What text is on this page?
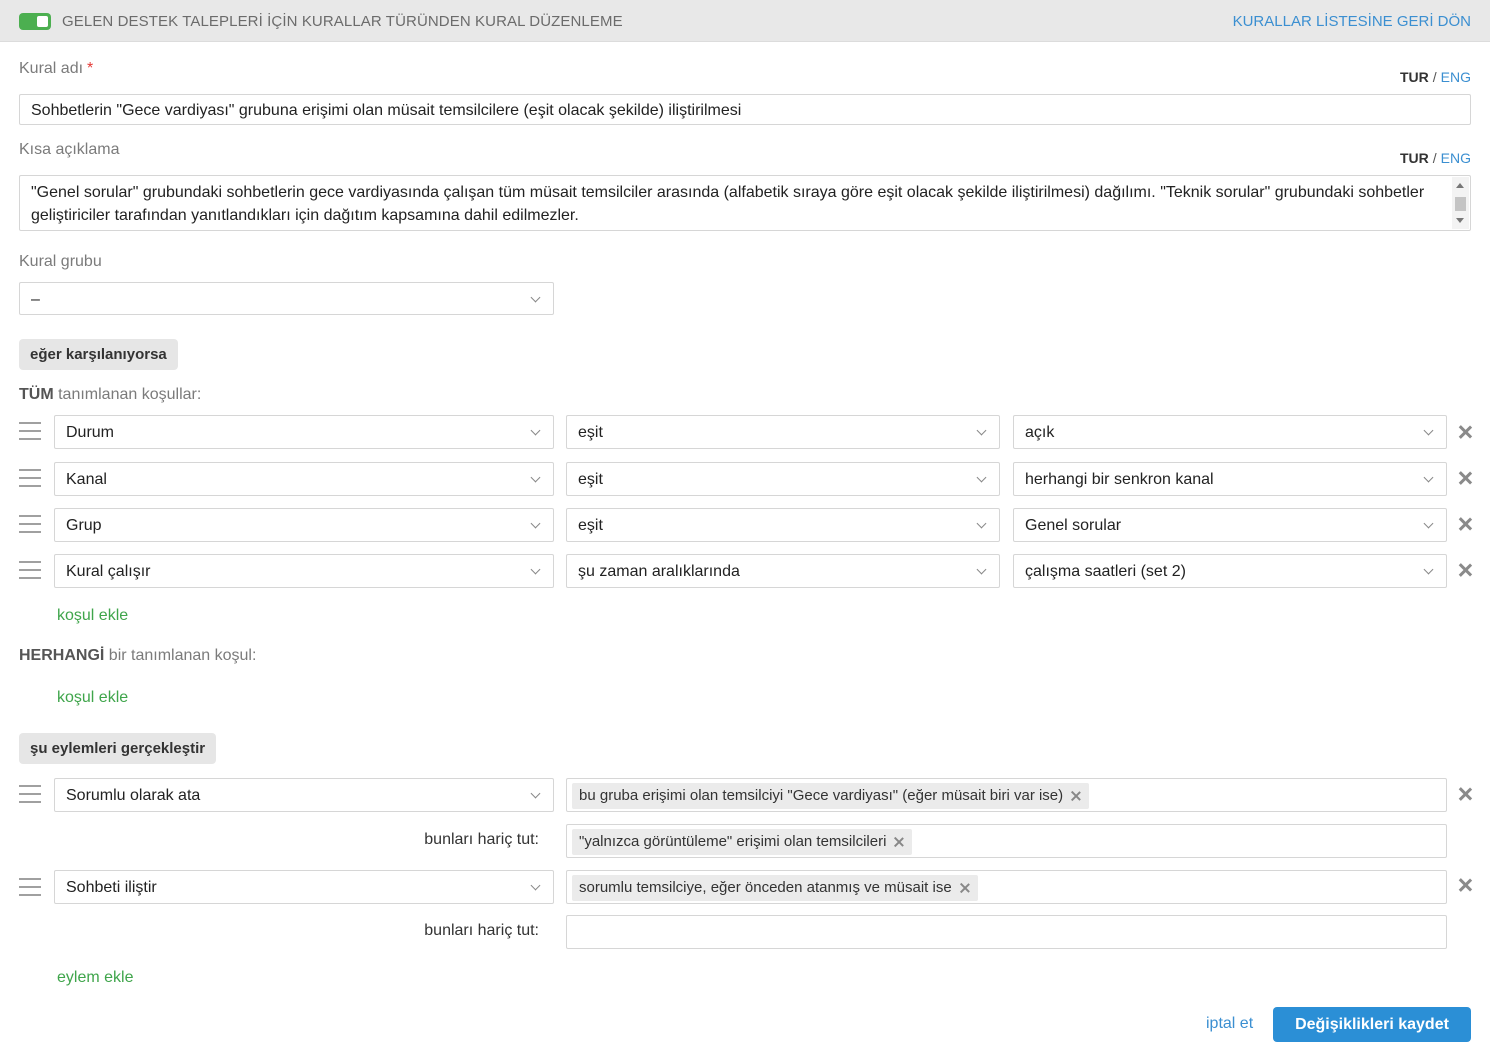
GELEN DESTEK TALEPLERİ İÇİN KURALLAR TÜRÜNDEN KURAL DÜZENLEME	KURALLAR LİSTESİNE GERİ DÖN
Kural adı *	TUR / ENG
Sohbetlerin "Gece vardiyası" grubuna erişimi olan müsait temsilcilere (eşit olacak şekilde) iliştirilmesi
Kısa açıklama	TUR / ENG
"Genel sorular" grubundaki sohbetlerin gece vardiyasında çalışan tüm müsait temsilciler arasında (alfabetik sıraya göre eşit olacak şekilde iliştirilmesi) dağılımı. "Teknik sorular" grubundaki sohbetler geliştiriciler tarafından yanıtlandıkları için dağıtım kapsamına dahil edilmezler.
Kural grubu
–
eğer karşılanıyorsa
TÜM tanımlanan koşullar:
Durum	eşit	açık
Kanal	eşit	herhangi bir senkron kanal
Grup	eşit	Genel sorular
Kural çalışır	şu zaman aralıklarında	çalışma saatleri (set 2)
koşul ekle
HERHANGİ bir tanımlanan koşul:
koşul ekle
şu eylemleri gerçekleştir
Sorumlu olarak ata	bu gruba erişimi olan temsilciyi "Gece vardiyası" (eğer müsait biri var ise)
bunları hariç tut:	"yalnızca görüntüleme" erişimi olan temsilcileri
Sohbeti iliştir	sorumlu temsilciye, eğer önceden atanmış ve müsait ise
bunları hariç tut:
eylem ekle
iptal et	Değişiklikleri kaydet
